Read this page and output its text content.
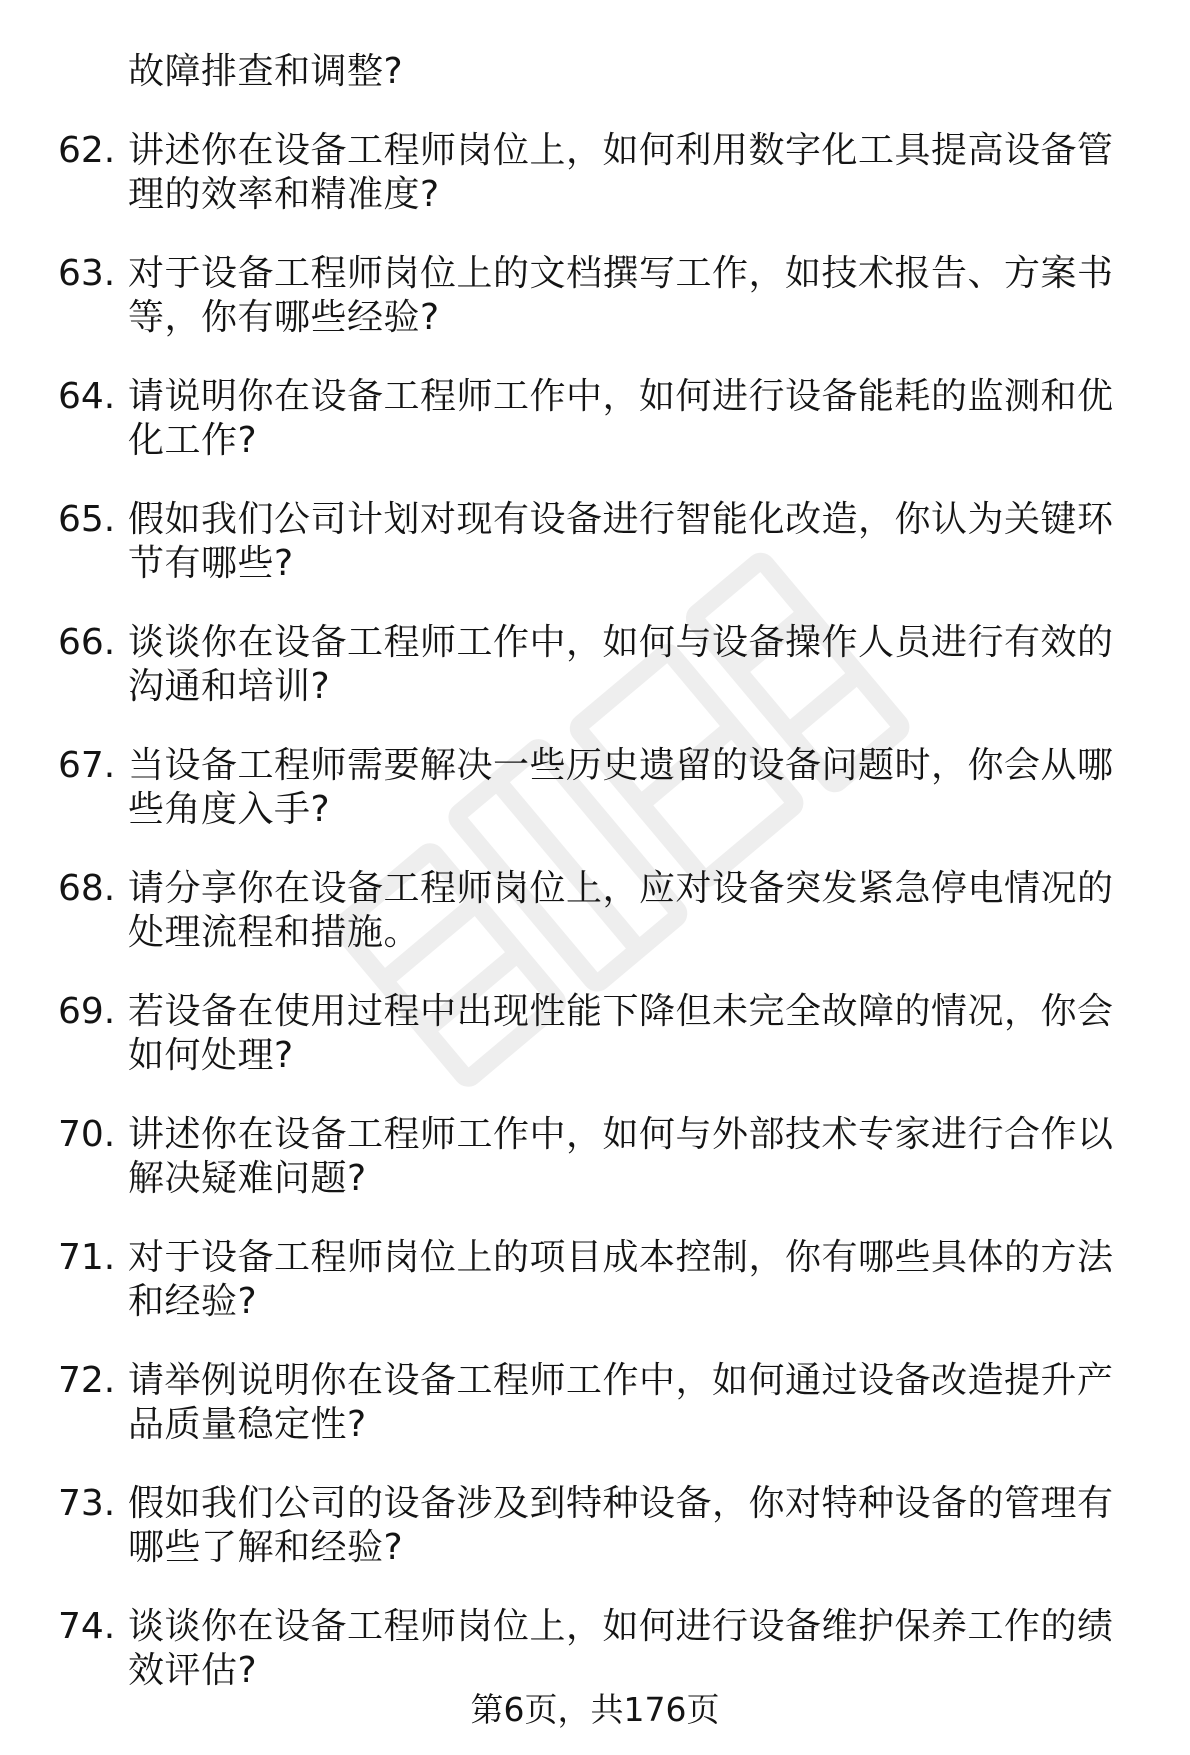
故障排查和调整?
62. 讲述你在设备工程师岗位上，如何利用数字化工具提高设备管理的效率和精准度?
63. 对于设备工程师岗位上的文档撰写工作，如技术报告、方案书等，你有哪些经验?
64. 请说明你在设备工程师工作中，如何进行设备能耗的监测和优化工作?
65. 假如我们公司计划对现有设备进行智能化改造，你认为关键环节有哪些?
66. 谈谈你在设备工程师工作中，如何与设备操作人员进行有效的沟通和培训?
67. 当设备工程师需要解决一些历史遗留的设备问题时，你会从哪些角度入手?
68. 请分享你在设备工程师岗位上，应对设备突发紧急停电情况的处理流程和措施。
69. 若设备在使用过程中出现性能下降但未完全故障的情况，你会如何处理?
70. 讲述你在设备工程师工作中，如何与外部技术专家进行合作以解决疑难问题?
71. 对于设备工程师岗位上的项目成本控制，你有哪些具体的方法和经验?
72. 请举例说明你在设备工程师工作中，如何通过设备改造提升产品质量稳定性?
73. 假如我们公司的设备涉及到特种设备，你对特种设备的管理有哪些了解和经验?
74. 谈谈你在设备工程师岗位上，如何进行设备维护保养工作的绩效评估?
第6页，共176页
